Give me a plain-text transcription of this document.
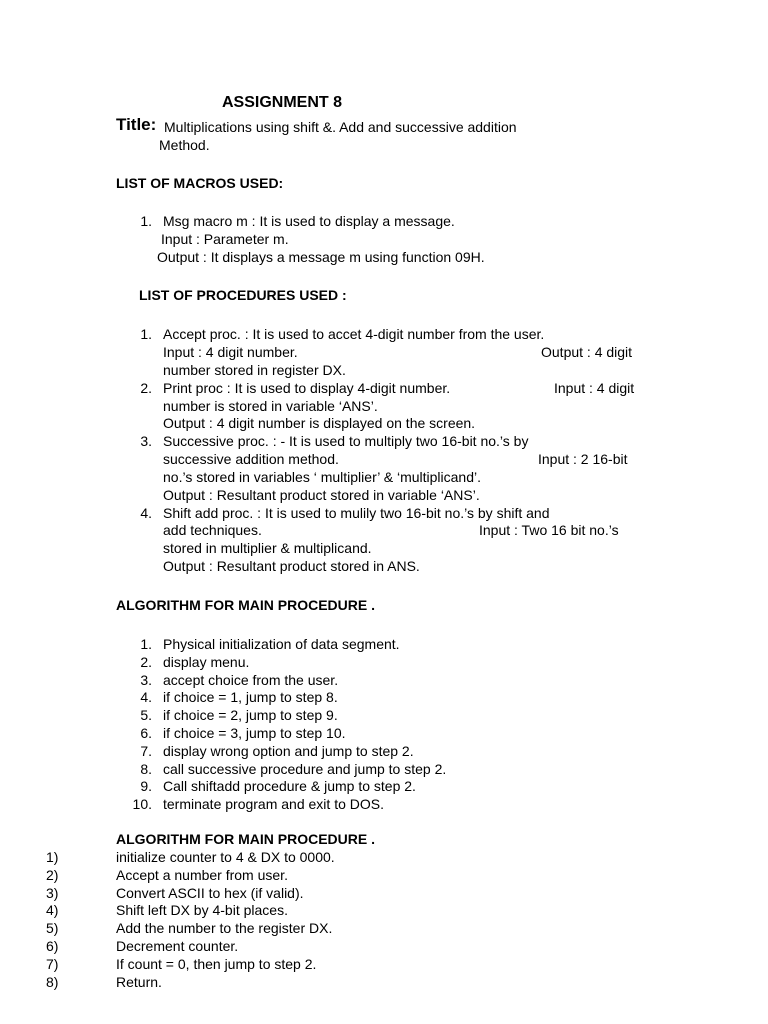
ASSIGNMENT 8
Title: Multiplications using shift &. Add and successive addition
Method.
LIST OF MACROS USED:
1. Msg macro m : It is used to display a message.
Input : Parameter m.
Output : It displays a message m using function 09H.
LIST OF PROCEDURES USED :
1. Accept proc. : It is used to accet 4-digit number from the user.
Input : 4 digit number.	Output : 4 digit
number stored in register DX.
2. Print proc : It is used to display 4-digit number.	Input : 4 digit
number is stored in variable ‘ANS’.
Output : 4 digit number is displayed on the screen.
3. Successive proc. : - It is used to multiply two 16-bit no.’s by
successive addition method.	Input : 2 16-bit
no.’s stored in variables ‘ multiplier’ & ‘multiplicand’.
Output : Resultant product stored in variable ‘ANS’.
4. Shift add proc. : It is used to mulily two 16-bit no.’s by shift and
add techniques.	Input : Two 16 bit no.’s
stored in multiplier & multiplicand.
Output : Resultant product stored in ANS.
ALGORITHM FOR MAIN PROCEDURE .
1. Physical initialization of data segment.
2. display menu.
3. accept choice from the user.
4. if choice = 1, jump to step 8.
5. if choice = 2, jump to step 9.
6. if choice = 3, jump to step 10.
7. display wrong option and jump to step 2.
8. call successive procedure and jump to step 2.
9. Call shiftadd procedure & jump to step 2.
10. terminate program and exit to DOS.
ALGORITHM FOR MAIN PROCEDURE .
1)	initialize counter to 4 & DX to 0000.
2)	Accept a number from user.
3)	Convert ASCII to hex (if valid).
4)	Shift left DX by 4-bit places.
5)	Add the number to the register DX.
6)	Decrement counter.
7)	If count = 0, then jump to step 2.
8)	Return.
